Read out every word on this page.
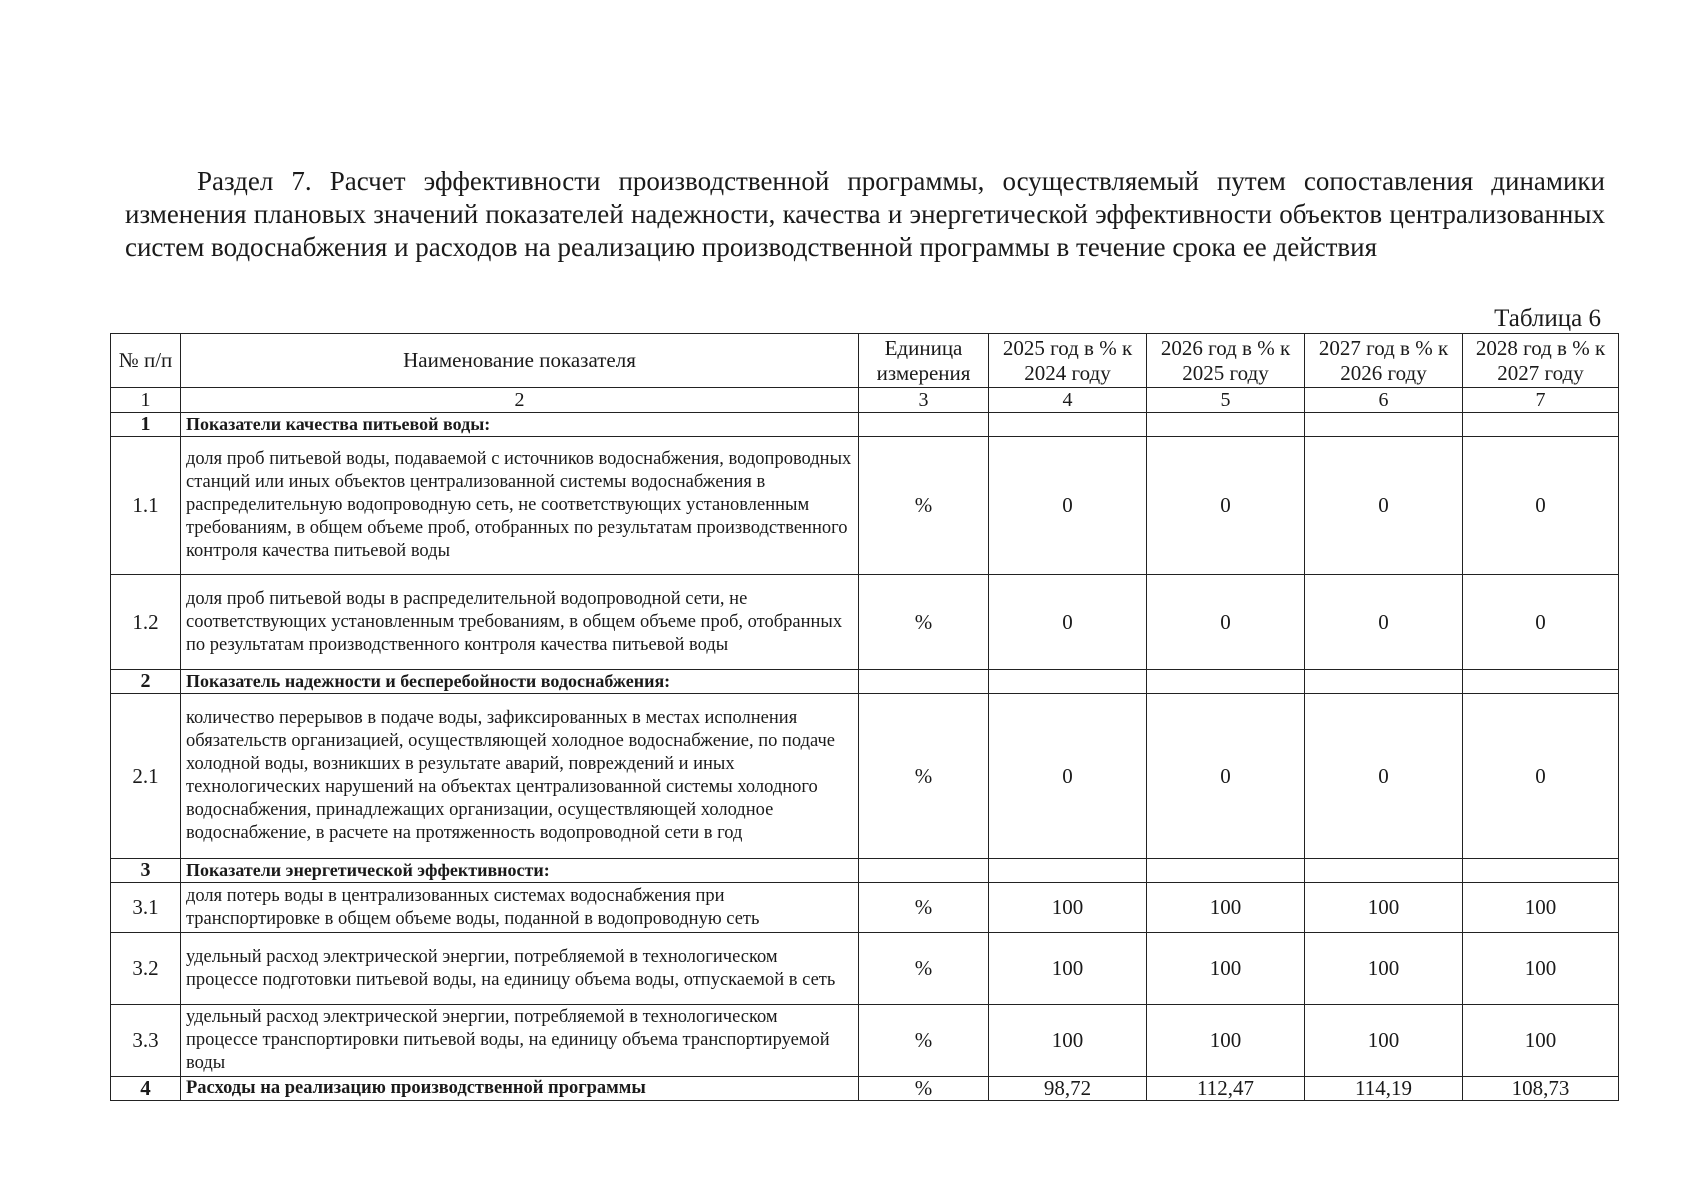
Раздел 7. Расчет эффективности производственной программы, осуществляемый путем сопоставления динамики изменения плановых значений показателей надежности, качества и энергетической эффективности объектов централизованных систем водоснабжения и расходов на реализацию производственной программы в течение срока ее действия
Таблица 6
№ п/п	Наименование показателя	Единица измерения	2025 год в % к 2024 году	2026 год в % к 2025 году	2027 год в % к 2026 году	2028 год в % к 2027 году
1	2	3	4	5	6	7
1	Показатели качества питьевой воды:					
1.1	доля проб питьевой воды, подаваемой с источников водоснабжения, водопроводных станций или иных объектов централизованной системы водоснабжения в распределительную водопроводную сеть, не соответствующих установленным требованиям, в общем объеме проб, отобранных по результатам производственного контроля качества питьевой воды	%	0	0	0	0
1.2	доля проб питьевой воды в распределительной водопроводной сети, не соответствующих установленным требованиям, в общем объеме проб, отобранных по результатам производственного контроля качества питьевой воды	%	0	0	0	0
2	Показатель надежности и бесперебойности водоснабжения:					
2.1	количество перерывов в подаче воды, зафиксированных в местах исполнения обязательств организацией, осуществляющей холодное водоснабжение, по подаче холодной воды, возникших в результате аварий, повреждений и иных технологических нарушений на объектах централизованной системы холодного водоснабжения, принадлежащих организации, осуществляющей холодное водоснабжение, в расчете на протяженность водопроводной сети в год	%	0	0	0	0
3	Показатели энергетической эффективности:					
3.1	доля потерь воды в централизованных системах водоснабжения при транспортировке в общем объеме воды, поданной в водопроводную сеть	%	100	100	100	100
3.2	удельный расход электрической энергии, потребляемой в технологическом процессе подготовки питьевой воды, на единицу объема воды, отпускаемой в сеть	%	100	100	100	100
3.3	удельный расход электрической энергии, потребляемой в технологическом процессе транспортировки питьевой воды, на единицу объема транспортируемой воды	%	100	100	100	100
4	Расходы на реализацию производственной программы	%	98,72	112,47	114,19	108,73
